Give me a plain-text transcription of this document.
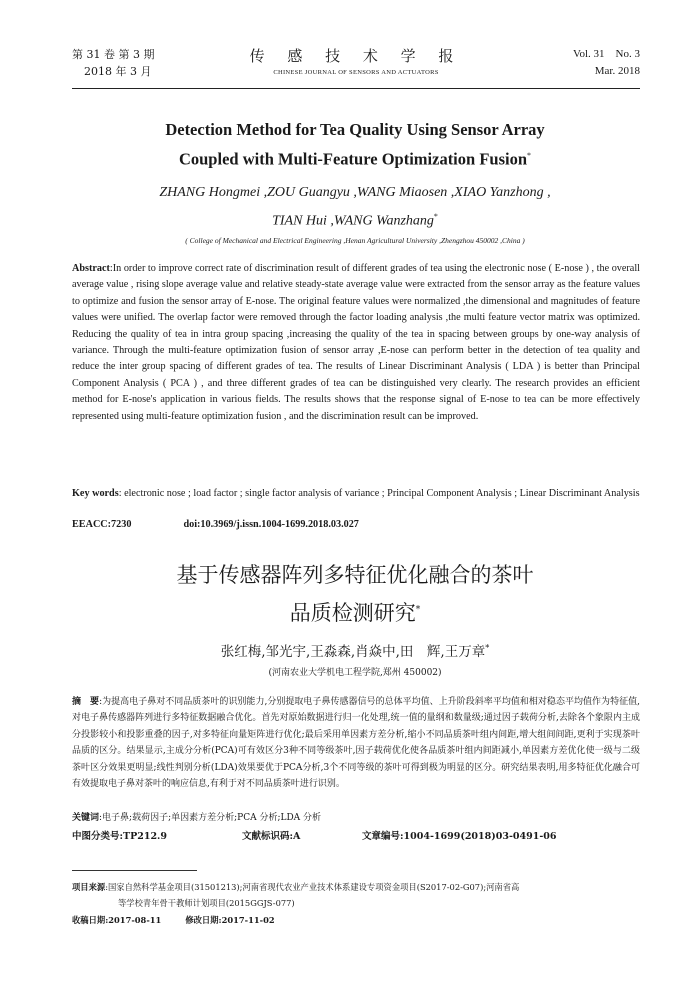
第 31 卷 第 3 期
2018 年 3 月
传 感 技 术 学 报
CHINESE JOURNAL OF SENSORS AND ACTUATORS
Vol. 31    No. 3
Mar. 2018
Detection Method for Tea Quality Using Sensor Array
Coupled with Multi-Feature Optimization Fusion*
ZHANG Hongmei ,ZOU Guangyu ,WANG Miaosen ,XIAO Yanzhong ,
TIAN Hui ,WANG Wanzhang*
( College of Mechanical and Electrical Engineering ,Henan Agricultural University ,Zhengzhou 450002 ,China )
Abstract:In order to improve correct rate of discrimination result of different grades of tea using the electronic nose ( E-nose ) , the overall average value , rising slope average value and relative steady-state average value were extracted from the sensor array as the feature values to optimize and fusion the sensor array of E-nose. The original feature values were normalized ,the dimensional and magnitudes of feature values were unified. The overlap factor were removed through the factor loading analysis ,the multi feature vector matrix was optimized. Reducing the quality of tea in intra group spacing ,increasing the quality of the tea in spacing between groups by one-way analysis of variance. Through the multi-feature optimization fusion of sensor array ,E-nose can perform better in the detection of tea quality and reduce the inter group spacing of different grades of tea. The results of Linear Discriminant Analysis ( LDA ) is better than Principal Component Analysis ( PCA ) , and three different grades of tea can be distinguished very clearly. The research provides an efficient method for E-nose's application in various fields. The results shows that the response signal of E-nose to tea can be more effectively represented using multi-feature optimization fusion , and the discrimination result can be improved.
Key words: electronic nose ; load factor ; single factor analysis of variance ; Principal Component Analysis ; Linear Discriminant Analysis
EEACC:7230	doi:10.3969/j.issn.1004-1699.2018.03.027
基于传感器阵列多特征优化融合的茶叶
品质检测研究*
张红梅,邹光宇,王淼森,肖焱中,田　辉,王万章*
(河南农业大学机电工程学院,郑州 450002)
摘　要:为提高电子鼻对不同品质茶叶的识别能力,分别提取电子鼻传感器信号的总体平均值、上升阶段斜率平均值和相对稳态平均值作为特征值,对电子鼻传感器阵列进行多特征数据融合优化。首先对原始数据进行归一化处理,统一值的量纲和数量级;通过因子载荷分析,去除各个象限内主成分投影较小和投影重叠的因子,对多特征向量矩阵进行优化;最后采用单因素方差分析,缩小不同品质茶叶组内间距,增大组间间距,更利于实现茶叶品质的区分。结果显示,主成分分析(PCA)可有效区分3种不同等级茶叶,因子载荷优化使各品质茶叶组内间距减小,单因素方差优化使一级与二级茶叶区分效果更明显;线性判别分析(LDA)效果要优于PCA分析,3个不同等级的茶叶可得到极为明显的区分。研究结果表明,用多特征优化融合可有效提取电子鼻对茶叶的响应信息,有利于对不同品质茶叶进行识别。
关键词:电子鼻;载荷因子;单因素方差分析;PCA 分析;LDA 分析
中图分类号:TP212.9	文献标识码:A	文章编号:1004-1699(2018)03-0491-06
项目来源:国家自然科学基金项目(31501213);河南省现代农业产业技术体系建设专项资金项目(S2017-02-G07);河南省高
等学校青年骨干教师计划项目(2015GGJS-077)
收稿日期:2017-08-11	修改日期:2017-11-02
